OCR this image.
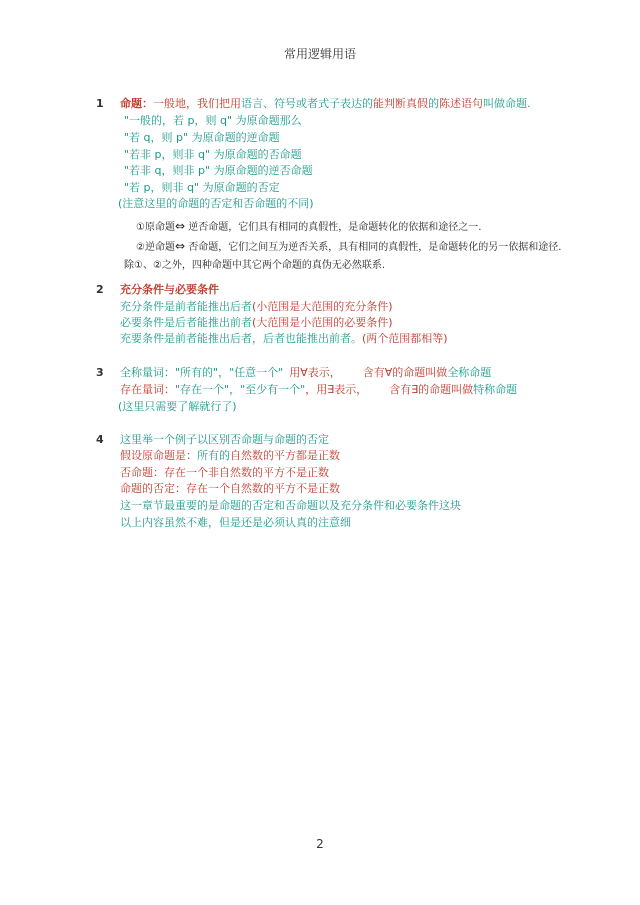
常用逻辑用语
1 命题：一般地，我们把用语言、符号或者式子表达的能判断真假的陈述语句叫做命题.
"一般的，若 p，则 q" 为原命题那么
"若 q，则 p" 为原命题的逆命题
"若非 p，则非 q" 为原命题的否命题
"若非 q，则非 p" 为原命题的逆否命题
"若 p，则非 q" 为原命题的否定
(注意这里的命题的否定和否命题的不同)
①原命题⇔ 逆否命题，它们具有相同的真假性，是命题转化的依据和途径之一.
②逆命题⇔ 否命题，它们之间互为逆否关系，具有相同的真假性，是命题转化的另一依据和途径.
除①、②之外，四种命题中其它两个命题的真伪无必然联系.
2 充分条件与必要条件
充分条件是前者能推出后者(小范围是大范围的充分条件)
必要条件是后者能推出前者(大范围是小范围的必要条件)
充要条件是前者能推出后者，后者也能推出前者。(两个范围都相等)
3 全称量词："所有的"，"任意一个" 用∀表示， 含有∀的命题叫做全称命题
存在量词："存在一个"，"至少有一个"，用∃表示， 含有∃的命题叫做特称命题
(这里只需要了解就行了)
4 这里举一个例子以区别否命题与命题的否定
假设原命题是：所有的自然数的平方都是正数
否命题：存在一个非自然数的平方不是正数
命题的否定：存在一个自然数的平方不是正数
这一章节最重要的是命题的否定和否命题以及充分条件和必要条件这块
以上内容虽然不难，但是还是必须认真的注意细
2
